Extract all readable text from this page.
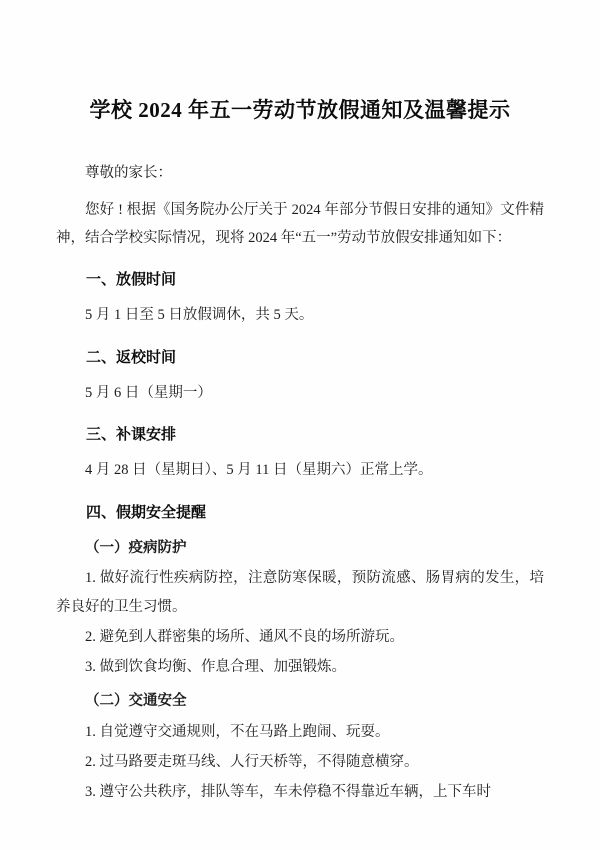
学校 2024 年五一劳动节放假通知及温馨提示

尊敬的家长：

您好 ! 根据《国务院办公厅关于 2024 年部分节假日安排的通知》文件精神，结合学校实际情况，现将 2024 年“五一”劳动节放假安排通知如下：

一、放假时间

5 月 1 日至 5 日放假调休，共 5 天。

二、返校时间

5 月 6 日（星期一）

三、补课安排

4 月 28 日（星期日）、5 月 11 日（星期六）正常上学。

四、假期安全提醒
（一）疫病防护

1. 做好流行性疾病防控，注意防寒保暖，预防流感、肠胃病的发生，培养良好的卫生习惯。

2. 避免到人群密集的场所、通风不良的场所游玩。

3. 做到饮食均衡、作息合理、加强锻炼。

（二）交通安全

1. 自觉遵守交通规则，不在马路上跑闹、玩耍。

2. 过马路要走斑马线、人行天桥等，不得随意横穿。

3. 遵守公共秩序，排队等车，车未停稳不得靠近车辆，上下车时
